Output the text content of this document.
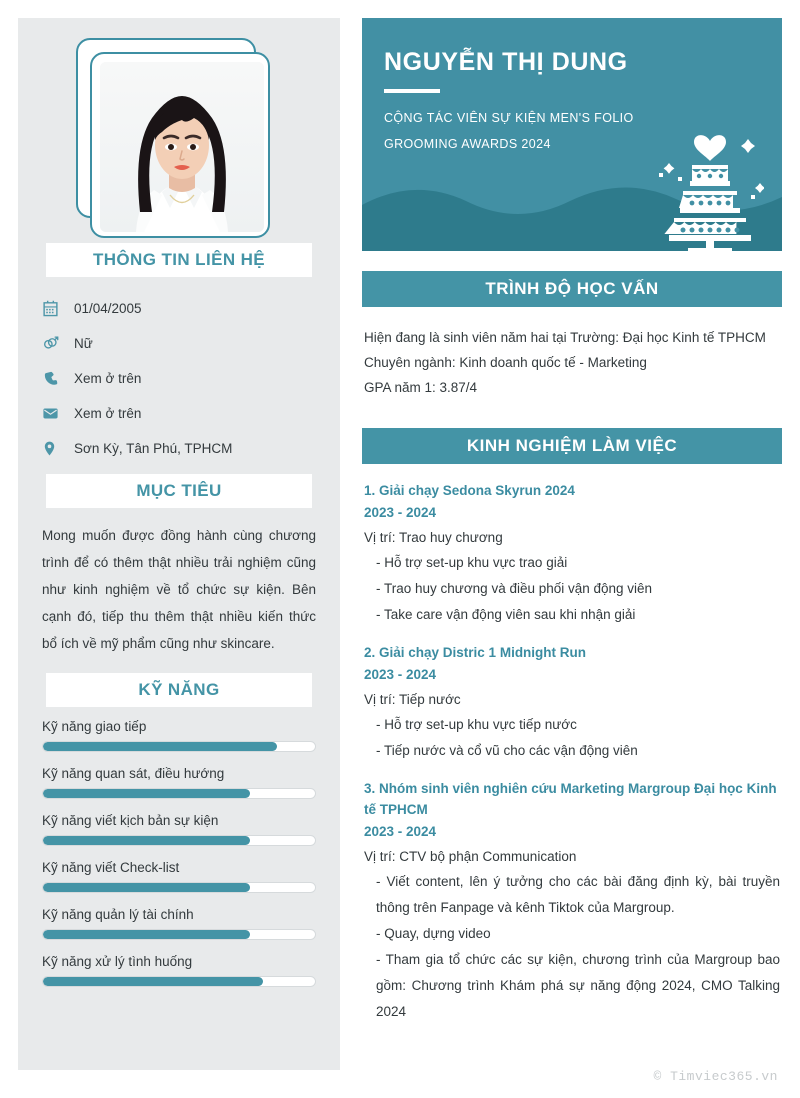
THÔNG TIN LIÊN HỆ
01/04/2005
Nữ
Xem ở trên
Xem ở trên
Sơn Kỳ, Tân Phú, TPHCM
MỤC TIÊU
Mong muốn được đồng hành cùng chương trình để có thêm thật nhiều trải nghiệm cũng như kinh nghiệm về tổ chức sự kiện. Bên cạnh đó, tiếp thu thêm thật nhiều kiến thức bổ ích về mỹ phẩm cũng như skincare.
KỸ NĂNG
Kỹ năng giao tiếp
Kỹ năng quan sát, điều hướng
Kỹ năng viết kịch bản sự kiện
Kỹ năng viết Check-list
Kỹ năng quản lý tài chính
Kỹ năng xử lý tình huống
NGUYỄN THỊ DUNG
CỘNG TÁC VIÊN SỰ KIỆN MEN'S FOLIO
GROOMING AWARDS 2024
TRÌNH ĐỘ HỌC VẤN
Hiện đang là sinh viên năm hai tại Trường: Đại học Kinh tế TPHCM
Chuyên ngành: Kinh doanh quốc tế - Marketing
GPA năm 1: 3.87/4
KINH NGHIỆM LÀM VIỆC
1. Giải chạy Sedona Skyrun 2024
2023 - 2024
Vị trí: Trao huy chương
- Hỗ trợ set-up khu vực trao giải
- Trao huy chương và điều phối vận động viên
- Take care vận động viên sau khi nhận giải
2. Giải chạy Distric 1 Midnight Run
2023 - 2024
Vị trí: Tiếp nước
- Hỗ trợ set-up khu vực tiếp nước
- Tiếp nước và cổ vũ cho các vận động viên
3. Nhóm sinh viên nghiên cứu Marketing Margroup Đại học Kinh tế TPHCM
2023 - 2024
Vị trí: CTV bộ phận Communication
- Viết content, lên ý tưởng cho các bài đăng định kỳ, bài truyền thông trên Fanpage và kênh Tiktok của Margroup.
- Quay, dựng video
- Tham gia tổ chức các sự kiện, chương trình của Margroup bao gồm: Chương trình Khám phá sự năng động 2024, CMO Talking 2024
© Timviec365.vn
